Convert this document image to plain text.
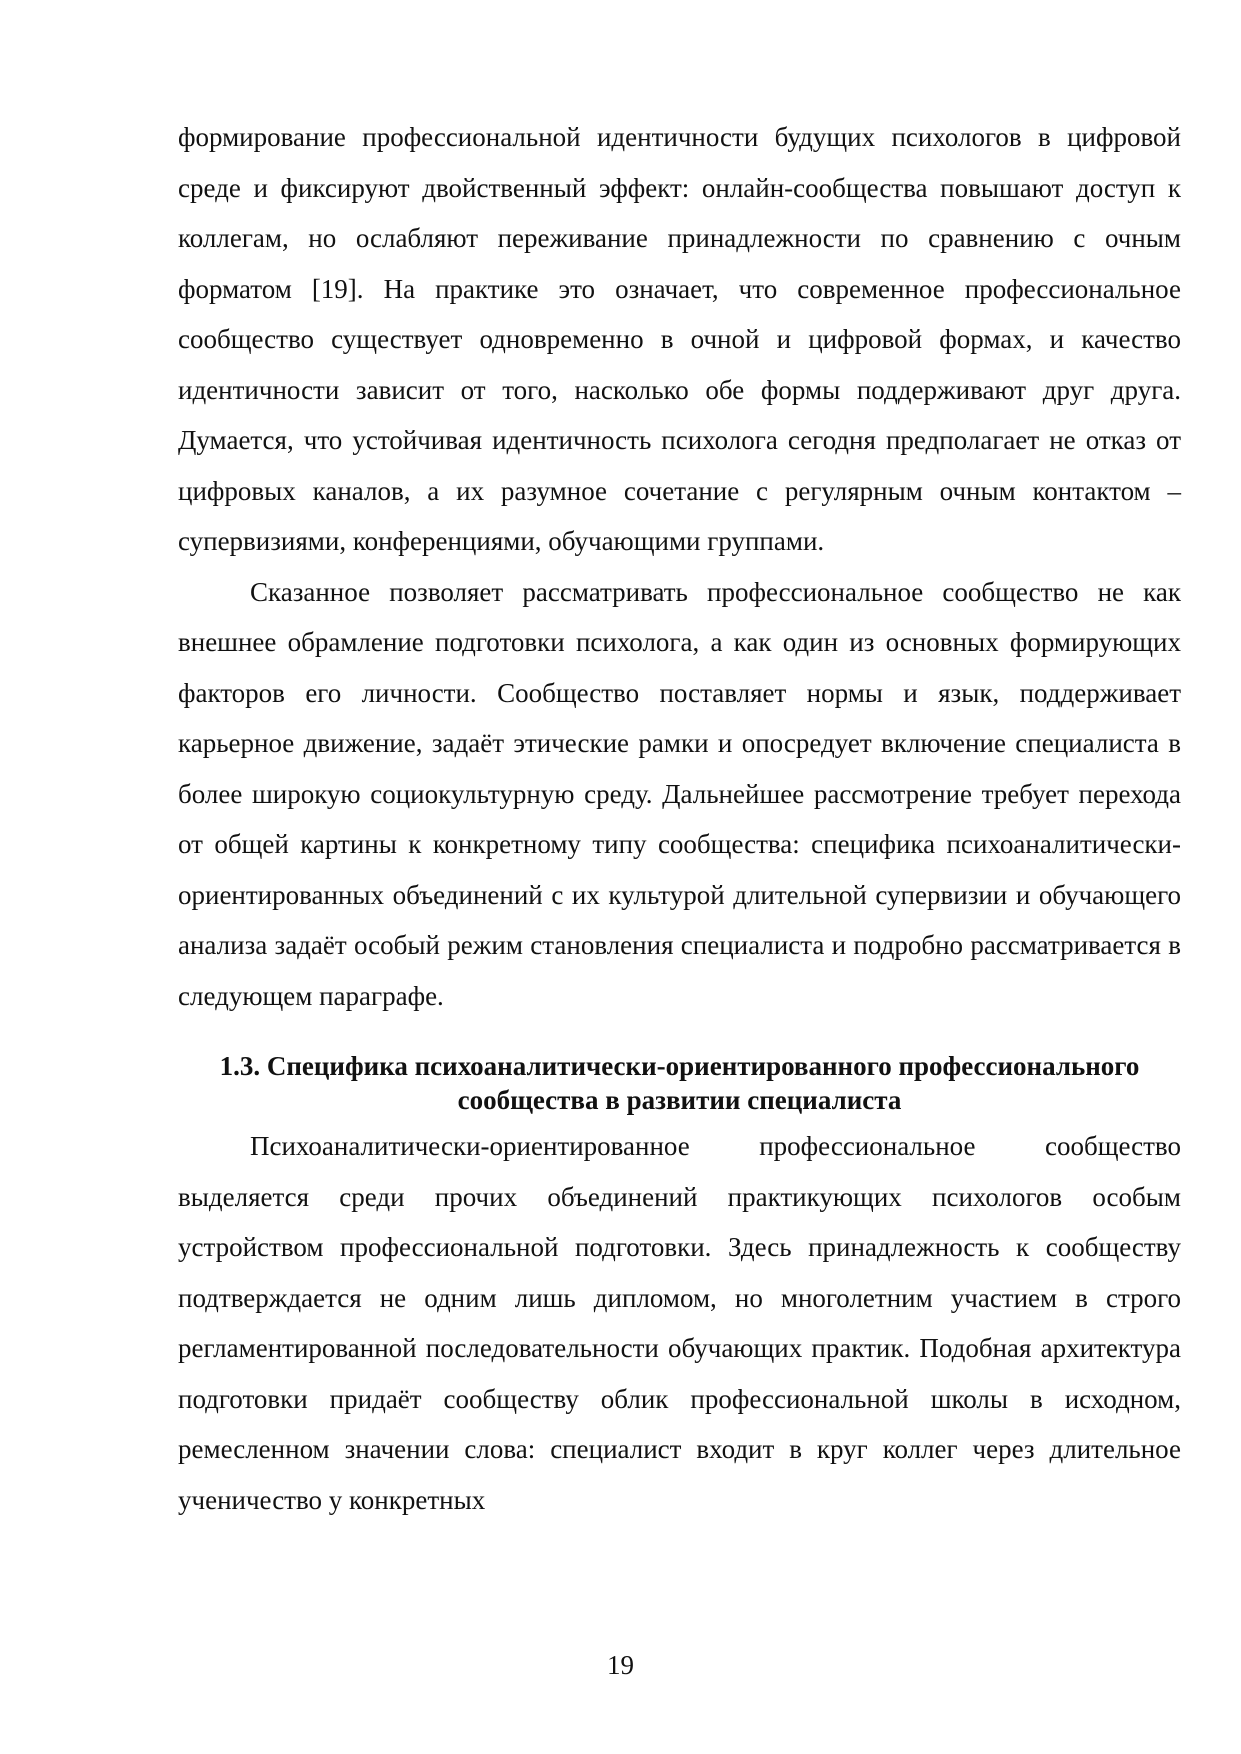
формирование профессиональной идентичности будущих психологов в цифровой среде и фиксируют двойственный эффект: онлайн-сообщества повышают доступ к коллегам, но ослабляют переживание принадлежности по сравнению с очным форматом [19]. На практике это означает, что современное профессиональное сообщество существует одновременно в очной и цифровой формах, и качество идентичности зависит от того, насколько обе формы поддерживают друг друга. Думается, что устойчивая идентичность психолога сегодня предполагает не отказ от цифровых каналов, а их разумное сочетание с регулярным очным контактом – супервизиями, конференциями, обучающими группами.

Сказанное позволяет рассматривать профессиональное сообщество не как внешнее обрамление подготовки психолога, а как один из основных формирующих факторов его личности. Сообщество поставляет нормы и язык, поддерживает карьерное движение, задаёт этические рамки и опосредует включение специалиста в более широкую социокультурную среду. Дальнейшее рассмотрение требует перехода от общей картины к конкретному типу сообщества: специфика психоаналитически-ориентированных объединений с их культурой длительной супервизии и обучающего анализа задаёт особый режим становления специалиста и подробно рассматривается в следующем параграфе.

1.3. Специфика психоаналитически-ориентированного профессионального сообщества в развитии специалиста

Психоаналитически-ориентированное профессиональное сообщество выделяется среди прочих объединений практикующих психологов особым устройством профессиональной подготовки. Здесь принадлежность к сообществу подтверждается не одним лишь дипломом, но многолетним участием в строго регламентированной последовательности обучающих практик. Подобная архитектура подготовки придаёт сообществу облик профессиональной школы в исходном, ремесленном значении слова: специалист входит в круг коллег через длительное ученичество у конкретных

19
